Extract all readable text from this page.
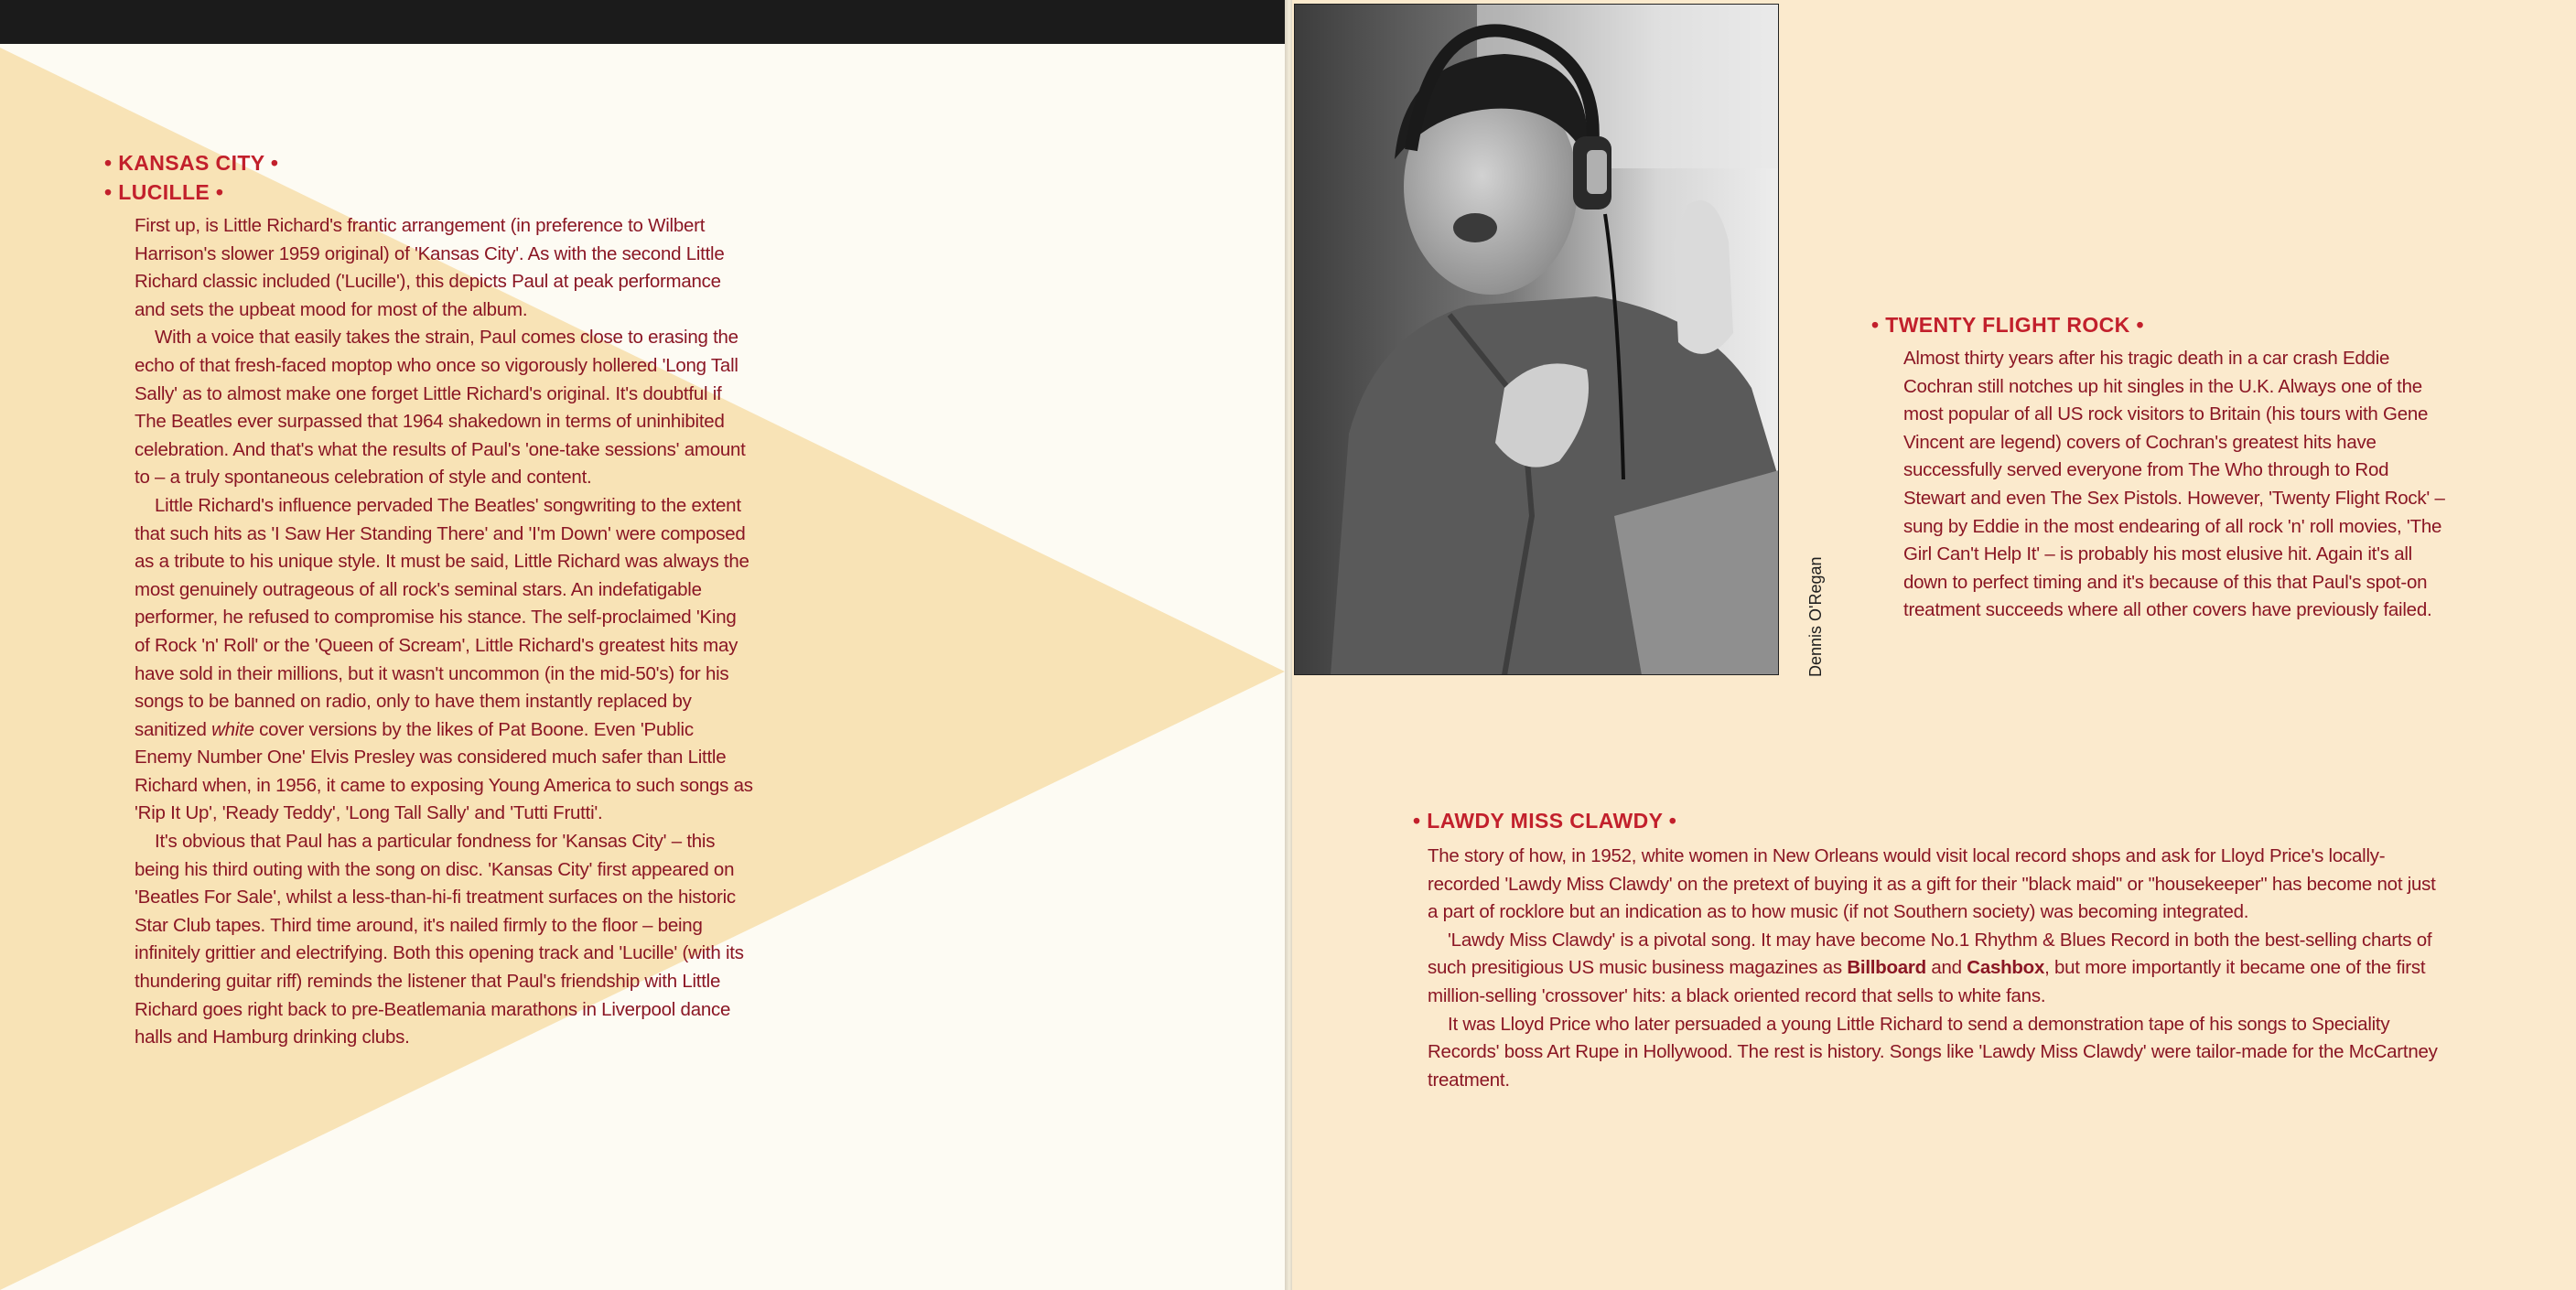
• KANSAS CITY •
• LUCILLE •

First up, is Little Richard's frantic arrangement (in preference to Wilbert Harrison's slower 1959 original) of 'Kansas City'. As with the second Little Richard classic included ('Lucille'), this depicts Paul at peak performance and sets the upbeat mood for most of the album.

With a voice that easily takes the strain, Paul comes close to erasing the echo of that fresh-faced moptop who once so vigorously hollered 'Long Tall Sally' as to almost make one forget Little Richard's original. It's doubtful if The Beatles ever surpassed that 1964 shakedown in terms of uninhibited celebration. And that's what the results of Paul's 'one-take sessions' amount to – a truly spontaneous celebration of style and content.

Little Richard's influence pervaded The Beatles' songwriting to the extent that such hits as 'I Saw Her Standing There' and 'I'm Down' were composed as a tribute to his unique style. It must be said, Little Richard was always the most genuinely outrageous of all rock's seminal stars. An indefatigable performer, he refused to compromise his stance. The self-proclaimed 'King of Rock 'n' Roll' or the 'Queen of Scream', Little Richard's greatest hits may have sold in their millions, but it wasn't uncommon (in the mid-50's) for his songs to be banned on radio, only to have them instantly replaced by sanitized white cover versions by the likes of Pat Boone. Even 'Public Enemy Number One' Elvis Presley was considered much safer than Little Richard when, in 1956, it came to exposing Young America to such songs as 'Rip It Up', 'Ready Teddy', 'Long Tall Sally' and 'Tutti Frutti'.

It's obvious that Paul has a particular fondness for 'Kansas City' – this being his third outing with the song on disc. 'Kansas City' first appeared on 'Beatles For Sale', whilst a less-than-hi-fi treatment surfaces on the historic Star Club tapes. Third time around, it's nailed firmly to the floor – being infinitely grittier and electrifying. Both this opening track and 'Lucille' (with its thundering guitar riff) reminds the listener that Paul's friendship with Little Richard goes right back to pre-Beatlemania marathons in Liverpool dance halls and Hamburg drinking clubs.

Dennis O'Regan
• TWENTY FLIGHT ROCK •

Almost thirty years after his tragic death in a car crash Eddie Cochran still notches up hit singles in the U.K. Always one of the most popular of all US rock visitors to Britain (his tours with Gene Vincent are legend) covers of Cochran's greatest hits have successfully served everyone from The Who through to Rod Stewart and even The Sex Pistols. However, 'Twenty Flight Rock' – sung by Eddie in the most endearing of all rock 'n' roll movies, 'The Girl Can't Help It' – is probably his most elusive hit. Again it's all down to perfect timing and it's because of this that Paul's spot-on treatment succeeds where all other covers have previously failed.

• LAWDY MISS CLAWDY •

The story of how, in 1952, white women in New Orleans would visit local record shops and ask for Lloyd Price's locally-recorded 'Lawdy Miss Clawdy' on the pretext of buying it as a gift for their "black maid" or "housekeeper" has become not just a part of rocklore but an indication as to how music (if not Southern society) was becoming integrated.

'Lawdy Miss Clawdy' is a pivotal song. It may have become No.1 Rhythm & Blues Record in both the best-selling charts of such presitigious US music business magazines as Billboard and Cashbox, but more importantly it became one of the first million-selling 'crossover' hits: a black oriented record that sells to white fans.

It was Lloyd Price who later persuaded a young Little Richard to send a demonstration tape of his songs to Speciality Records' boss Art Rupe in Hollywood. The rest is history. Songs like 'Lawdy Miss Clawdy' were tailor-made for the McCartney treatment.
